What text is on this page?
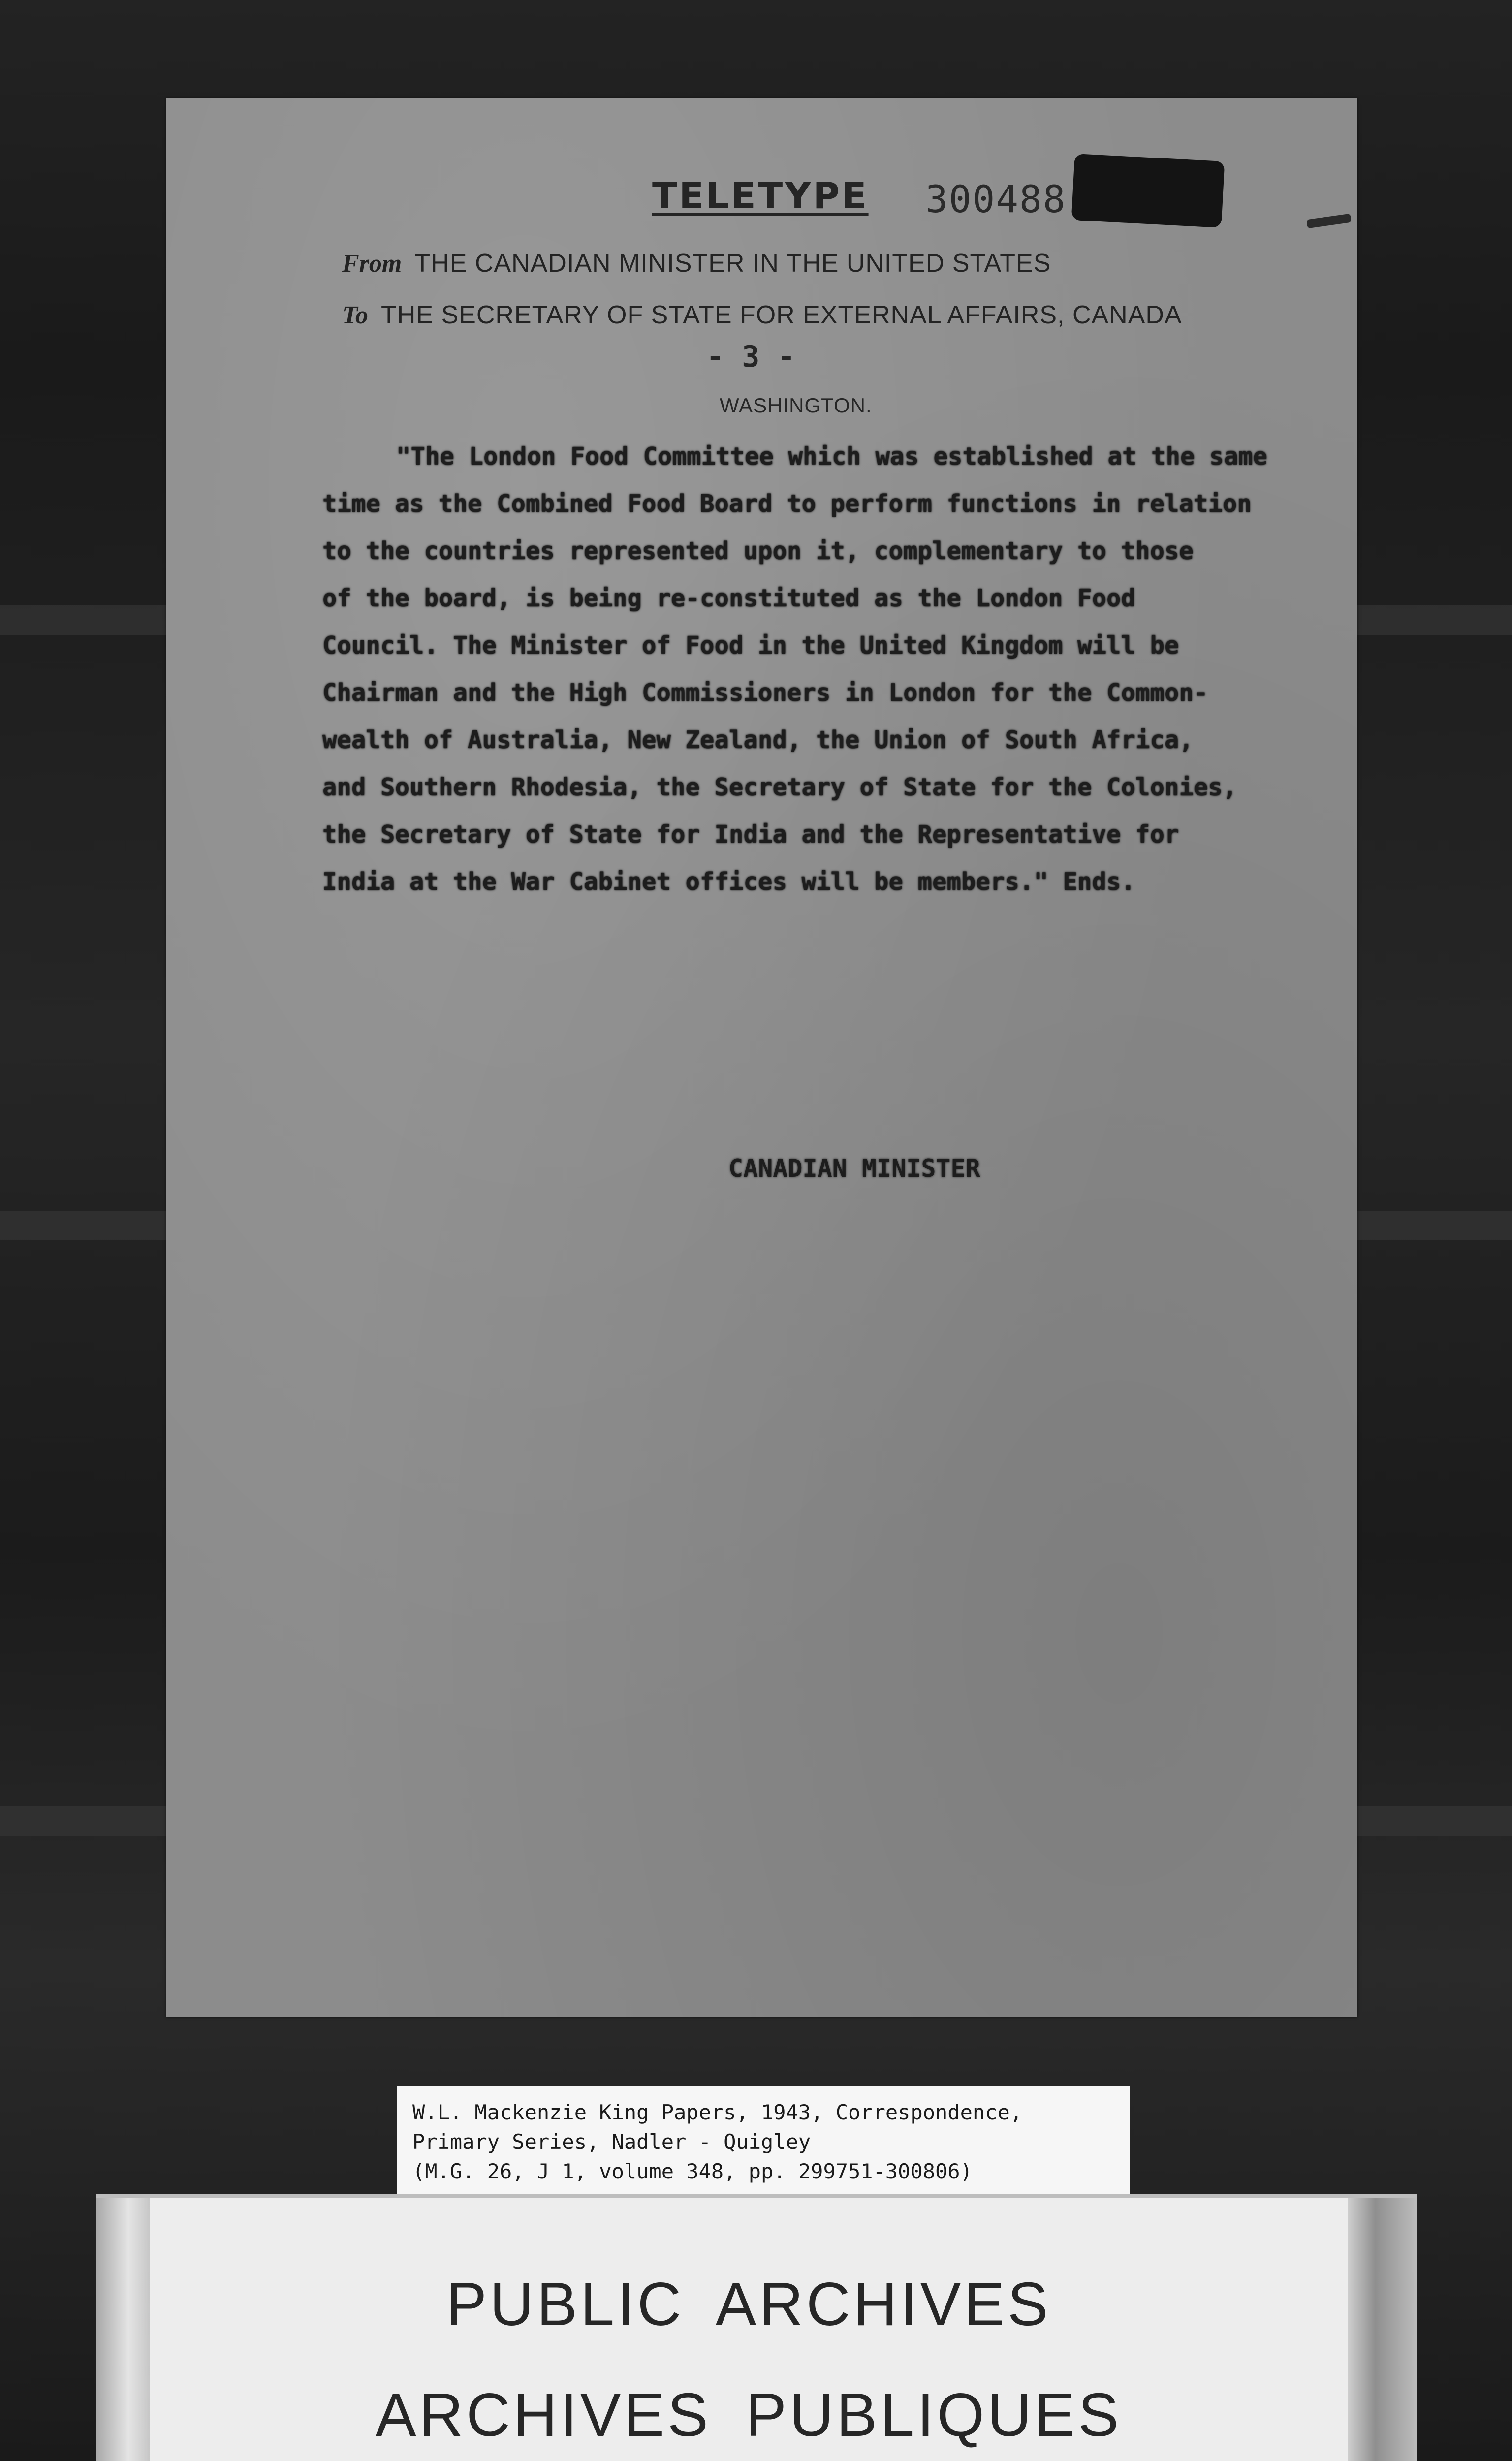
TELETYPE 300488
From THE CANADIAN MINISTER IN THE UNITED STATES
To THE SECRETARY OF STATE FOR EXTERNAL AFFAIRS, CANADA
- 3 -
WASHINGTON.
"The London Food Committee which was established at the same
time as the Combined Food Board to perform functions in relation
to the countries represented upon it, complementary to those
of the board, is being re-constituted as the London Food
Council. The Minister of Food in the United Kingdom will be
Chairman and the High Commissioners in London for the Common-
wealth of Australia, New Zealand, the Union of South Africa,
and Southern Rhodesia, the Secretary of State for the Colonies,
the Secretary of State for India and the Representative for
India at the War Cabinet offices will be members." Ends.
CANADIAN MINISTER
W.L. Mackenzie King Papers, 1943, Correspondence,
Primary Series, Nadler - Quigley
(M.G. 26, J 1, volume 348, pp. 299751-300806)
PUBLIC ARCHIVES
ARCHIVES PUBLIQUES
